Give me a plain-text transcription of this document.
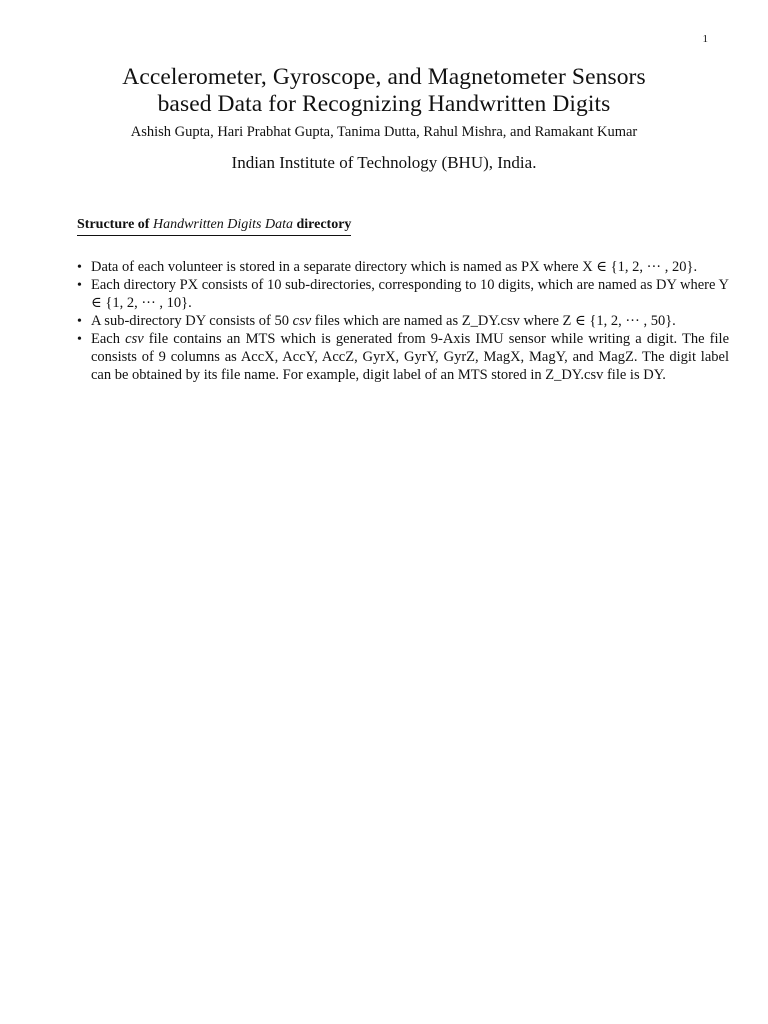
1
Accelerometer, Gyroscope, and Magnetometer Sensors
based Data for Recognizing Handwritten Digits
Ashish Gupta, Hari Prabhat Gupta, Tanima Dutta, Rahul Mishra, and Ramakant Kumar
Indian Institute of Technology (BHU), India.
Structure of Handwritten Digits Data directory
• Data of each volunteer is stored in a separate directory which is named as PX where X ∈ {1, 2, ··· , 20}.
• Each directory PX consists of 10 sub-directories, corresponding to 10 digits, which are named as DY where Y ∈ {1, 2, ··· , 10}.
• A sub-directory DY consists of 50 csv files which are named as Z_DY.csv where Z ∈ {1, 2, ··· , 50}.
• Each csv file contains an MTS which is generated from 9-Axis IMU sensor while writing a digit. The file consists of 9 columns as AccX, AccY, AccZ, GyrX, GyrY, GyrZ, MagX, MagY, and MagZ. The digit label can be obtained by its file name. For example, digit label of an MTS stored in Z_DY.csv file is DY.
